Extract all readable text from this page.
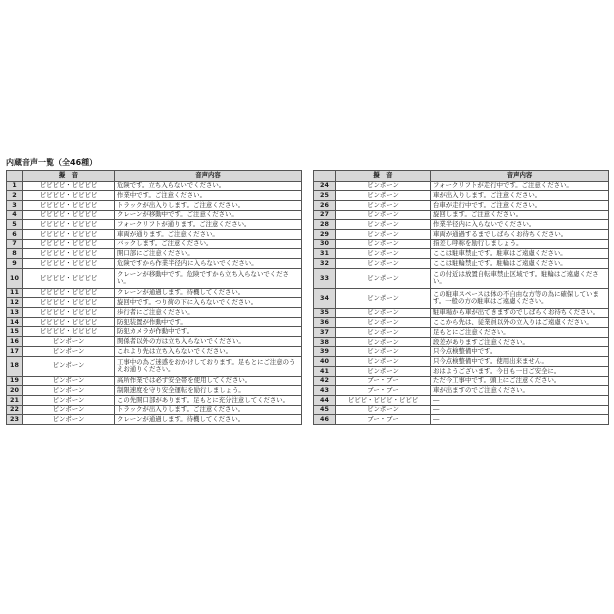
内蔵音声一覧（全46種）
	擬　音	音声内容
1	ピピピピ・ピピピピ	危険です。立ち入らないでください。
2	ピピピピ・ピピピピ	作業中です。ご注意ください。
3	ピピピピ・ピピピピ	トラックが出入りします。ご注意ください。
4	ピピピピ・ピピピピ	クレーンが移動中です。ご注意ください。
5	ピピピピ・ピピピピ	フォークリフトが通ります。ご注意ください。
6	ピピピピ・ピピピピ	車両が通ります。ご注意ください。
7	ピピピピ・ピピピピ	バックします。ご注意ください。
8	ピピピピ・ピピピピ	開口部にご注意ください。
9	ピピピピ・ピピピピ	危険ですから作業半径内に入らないでください。
10	ピピピピ・ピピピピ	クレーンが移動中です。危険ですから立ち入らないでください。
11	ピピピピ・ピピピピ	クレーンが通過します。待機してください。
12	ピピピピ・ピピピピ	旋回中です。つり荷の下に入らないでください。
13	ピピピピ・ピピピピ	歩行者にご注意ください。
14	ピピピピ・ピピピピ	防犯装置が作動中です。
15	ピピピピ・ピピピピ	防犯カメラが作動中です。
16	ピンポーン	関係者以外の方は立ち入らないでください。
17	ピンポーン	これより先は立ち入らないでください。
18	ピンポーン	工事中の為ご迷惑をおかけしております。足もとにご注意のうえお通りください。
19	ピンポーン	高所作業では必ず安全帯を使用してください。
20	ピンポーン	制限速度を守り安全運転を励行しましょう。
21	ピンポーン	この先開口部があります。足もとに充分注意してください。
22	ピンポーン	トラックが出入りします。ご注意ください。
23	ピンポーン	クレーンが通過します。待機してください。
	擬　音	音声内容
24	ピンポーン	フォークリフトが走行中です。ご注意ください。
25	ピンポーン	車が出入りします。ご注意ください。
26	ピンポーン	台車が走行中です。ご注意ください。
27	ピンポーン	旋回します。ご注意ください。
28	ピンポーン	作業半径内に入らないでください。
29	ピンポーン	車両が通過するまでしばらくお待ちください。
30	ピンポーン	指差し呼称を励行しましょう。
31	ピンポーン	ここは駐車禁止です。駐車はご遠慮ください。
32	ピンポーン	ここは駐輪禁止です。駐輪はご遠慮ください。
33	ピンポーン	この付近は放置自転車禁止区域です。駐輪はご遠慮ください。
34	ピンポーン	この駐車スペースは体の不自由な方等の為に確保しています。一般の方の駐車はご遠慮ください。
35	ピンポーン	駐車場から車が出てきますのでしばらくお待ちください。
36	ピンポーン	ここから先は、従業員以外の立入りはご遠慮ください。
37	ピンポーン	足もとにご注意ください。
38	ピンポーン	段差がありますご注意ください。
39	ピンポーン	只今点検整備中です。
40	ピンポーン	只今点検整備中です。使用出来ません。
41	ピンポーン	おはようございます。今日も一日ご安全に。
42	ブー・ブー	ただ今工事中です。頭上にご注意ください。
43	ブー・ブー	車が出ますのでご注意ください。
44	ピピピ・ピピピ・ピピピ	―
45	ピンポーン	―
46	ブー・ブー	―
